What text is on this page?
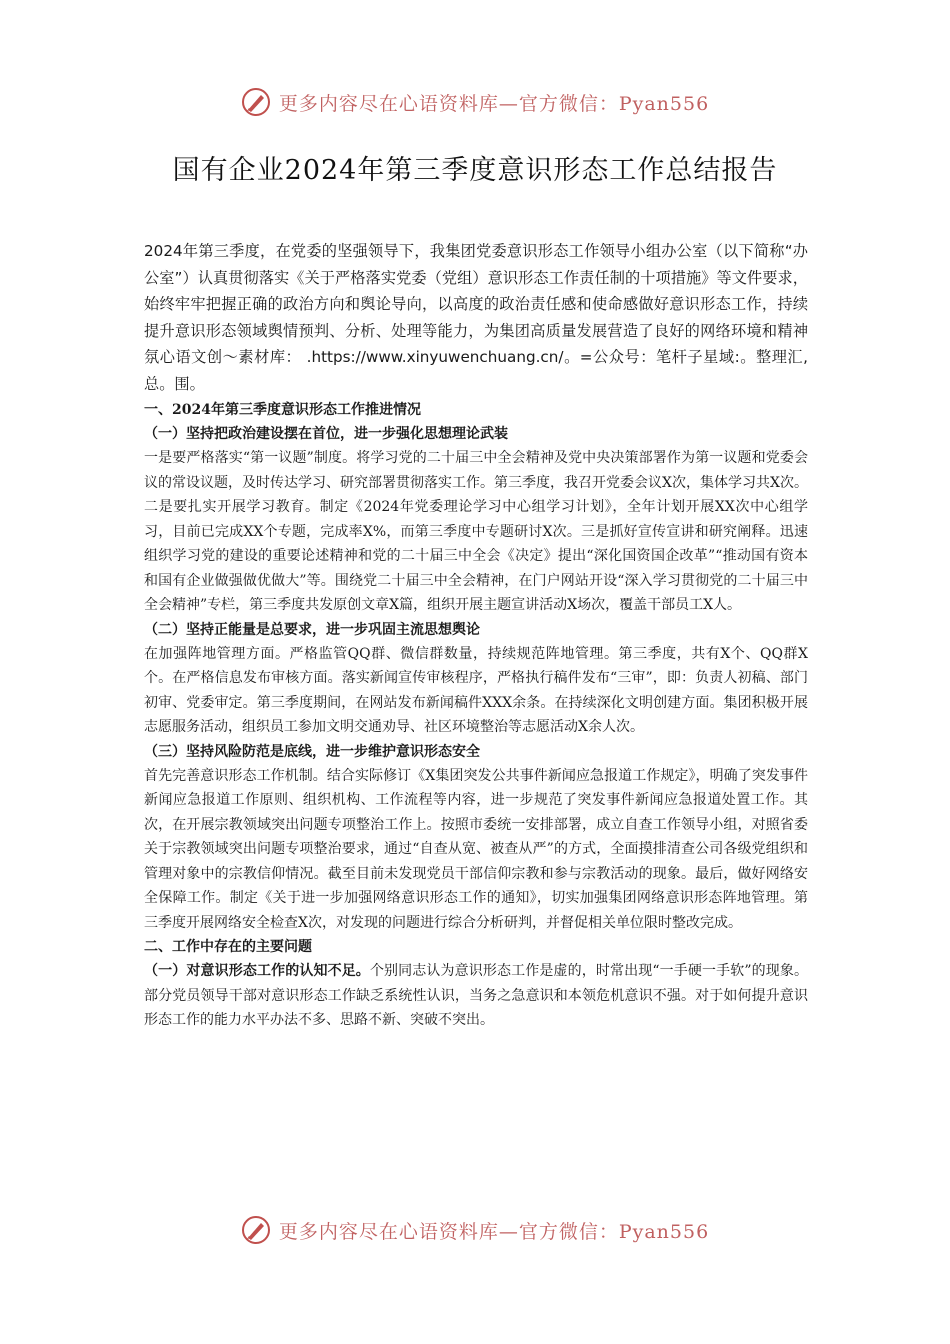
更多内容尽在心语资料库—官方微信：Pyan556
国有企业2024年第三季度意识形态工作总结报告

2024年第三季度，在党委的坚强领导下，我集团党委意识形态工作领导小组办公室（以下简称“办公室”）认真贯彻落实《关于严格落实党委（党组）意识形态工作责任制的十项措施》等文件要求，始终牢牢把握正确的政治方向和舆论导向，以高度的政治责任感和使命感做好意识形态工作，持续提升意识形态领域舆情预判、分析、处理等能力，为集团高质量发展营造了良好的网络环境和精神氛心语文创～素材库： .https://www.xinyuwenchuang.cn/。=公众号：笔杆子星域:。整理汇,总。围。

一、2024年第三季度意识形态工作推进情况

（一）坚持把政治建设摆在首位，进一步强化思想理论武装

一是要严格落实“第一议题”制度。将学习党的二十届三中全会精神及党中央决策部署作为第一议题和党委会议的常设议题，及时传达学习、研究部署贯彻落实工作。第三季度，我召开党委会议X次，集体学习共X次。二是要扎实开展学习教育。制定《2024年党委理论学习中心组学习计划》，全年计划开展XX次中心组学习，目前已完成XX个专题，完成率X%，而第三季度中专题研讨X次。三是抓好宣传宣讲和研究阐释。迅速组织学习党的建设的重要论述精神和党的二十届三中全会《决定》提出“深化国资国企改革”“推动国有资本和国有企业做强做优做大”等。围绕党二十届三中全会精神，在门户网站开设“深入学习贯彻党的二十届三中全会精神”专栏，第三季度共发原创文章X篇，组织开展主题宣讲活动X场次，覆盖干部员工X人。

（二）坚持正能量是总要求，进一步巩固主流思想舆论

在加强阵地管理方面。严格监管QQ群、微信群数量，持续规范阵地管理。第三季度，共有X个、QQ群X个。在严格信息发布审核方面。落实新闻宣传审核程序，严格执行稿件发布“三审”，即：负责人初稿、部门初审、党委审定。第三季度期间，在网站发布新闻稿件XXX余条。在持续深化文明创建方面。集团积极开展志愿服务活动，组织员工参加文明交通劝导、社区环境整治等志愿活动X余人次。

（三）坚持风险防范是底线，进一步维护意识形态安全

首先完善意识形态工作机制。结合实际修订《X集团突发公共事件新闻应急报道工作规定》，明确了突发事件新闻应急报道工作原则、组织机构、工作流程等内容，进一步规范了突发事件新闻应急报道处置工作。其次，在开展宗教领域突出问题专项整治工作上。按照市委统一安排部署，成立自查工作领导小组，对照省委关于宗教领域突出问题专项整治要求，通过“自查从宽、被查从严”的方式，全面摸排清查公司各级党组织和管理对象中的宗教信仰情况。截至目前未发现党员干部信仰宗教和参与宗教活动的现象。最后，做好网络安全保障工作。制定《关于进一步加强网络意识形态工作的通知》，切实加强集团网络意识形态阵地管理。第三季度开展网络安全检查X次，对发现的问题进行综合分析研判，并督促相关单位限时整改完成。

二、工作中存在的主要问题

（一）对意识形态工作的认知不足。个别同志认为意识形态工作是虚的，时常出现“一手硬一手软”的现象。部分党员领导干部对意识形态工作缺乏系统性认识，当务之急意识和本领危机意识不强。对于如何提升意识形态工作的能力水平办法不多、思路不新、突破不突出。

更多内容尽在心语资料库—官方微信：Pyan556
